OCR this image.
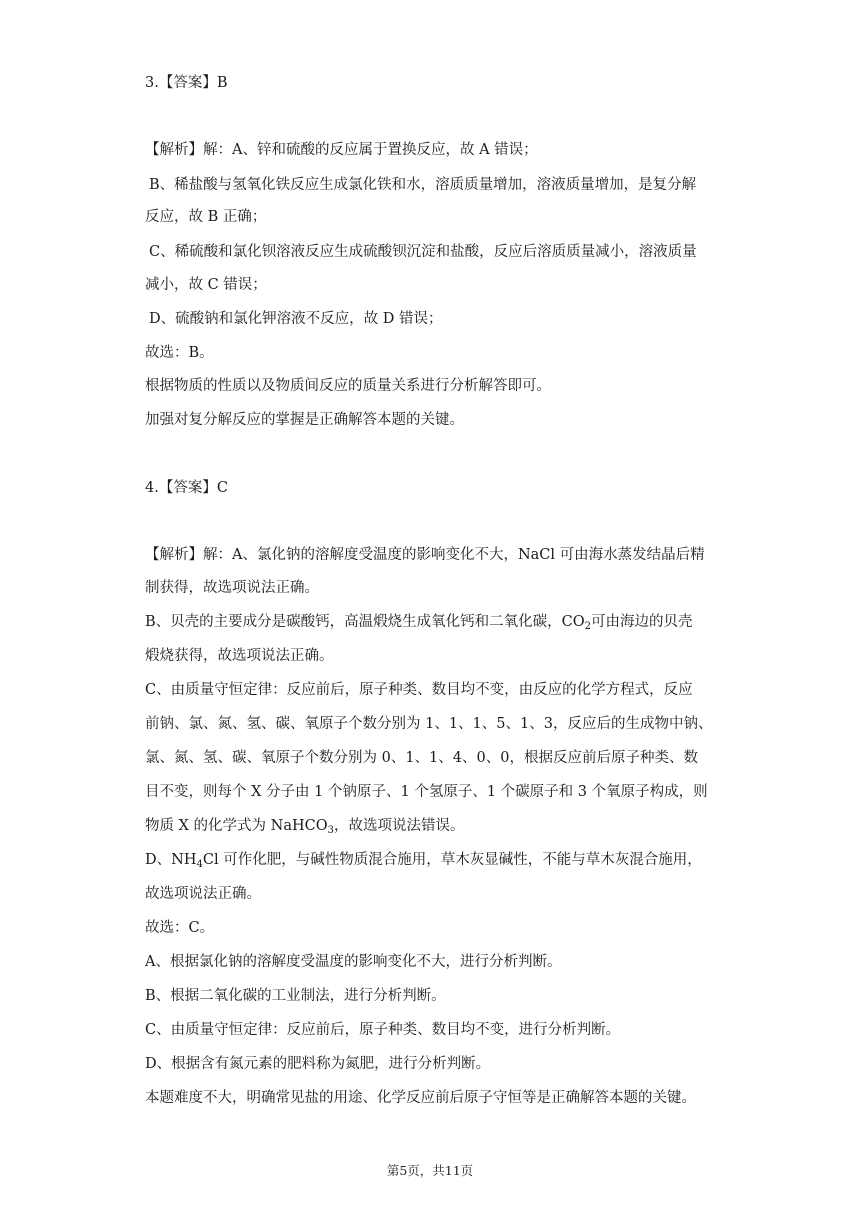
3.【答案】B
【解析】解：A、锌和硫酸的反应属于置换反应，故 A 错误；
B、稀盐酸与氢氧化铁反应生成氯化铁和水，溶质质量增加，溶液质量增加，是复分解
反应，故 B 正确；
C、稀硫酸和氯化钡溶液反应生成硫酸钡沉淀和盐酸，反应后溶质质量减小，溶液质量
减小，故 C 错误；
D、硫酸钠和氯化钾溶液不反应，故 D 错误；
故选：B。
根据物质的性质以及物质间反应的质量关系进行分析解答即可。
加强对复分解反应的掌握是正确解答本题的关键。
4.【答案】C
【解析】解：A、氯化钠的溶解度受温度的影响变化不大，NaCl 可由海水蒸发结晶后精
制获得，故选项说法正确。
B、贝壳的主要成分是碳酸钙，高温煅烧生成氧化钙和二氧化碳，$CO_2$可由海边的贝壳
煅烧获得，故选项说法正确。
C、由质量守恒定律：反应前后，原子种类、数目均不变，由反应的化学方程式，反应
前钠、氯、氮、氢、碳、氧原子个数分别为 1、1、1、5、1、3，反应后的生成物中钠、
氯、氮、氢、碳、氧原子个数分别为 0、1、1、4、0、0，根据反应前后原子种类、数
目不变，则每个 X 分子由 1 个钠原子、1 个氢原子、1 个碳原子和 3 个氧原子构成，则
物质 X 的化学式为 NaHCO$_3$，故选项说法错误。
D、$NH_4Cl$ 可作化肥，与碱性物质混合施用，草木灰显碱性，不能与草木灰混合施用，
故选项说法正确。
故选：C。
A、根据氯化钠的溶解度受温度的影响变化不大，进行分析判断。
B、根据二氧化碳的工业制法，进行分析判断。
C、由质量守恒定律：反应前后，原子种类、数目均不变，进行分析判断。
D、根据含有氮元素的肥料称为氮肥，进行分析判断。
本题难度不大，明确常见盐的用途、化学反应前后原子守恒等是正确解答本题的关键。
第5页，共11页
